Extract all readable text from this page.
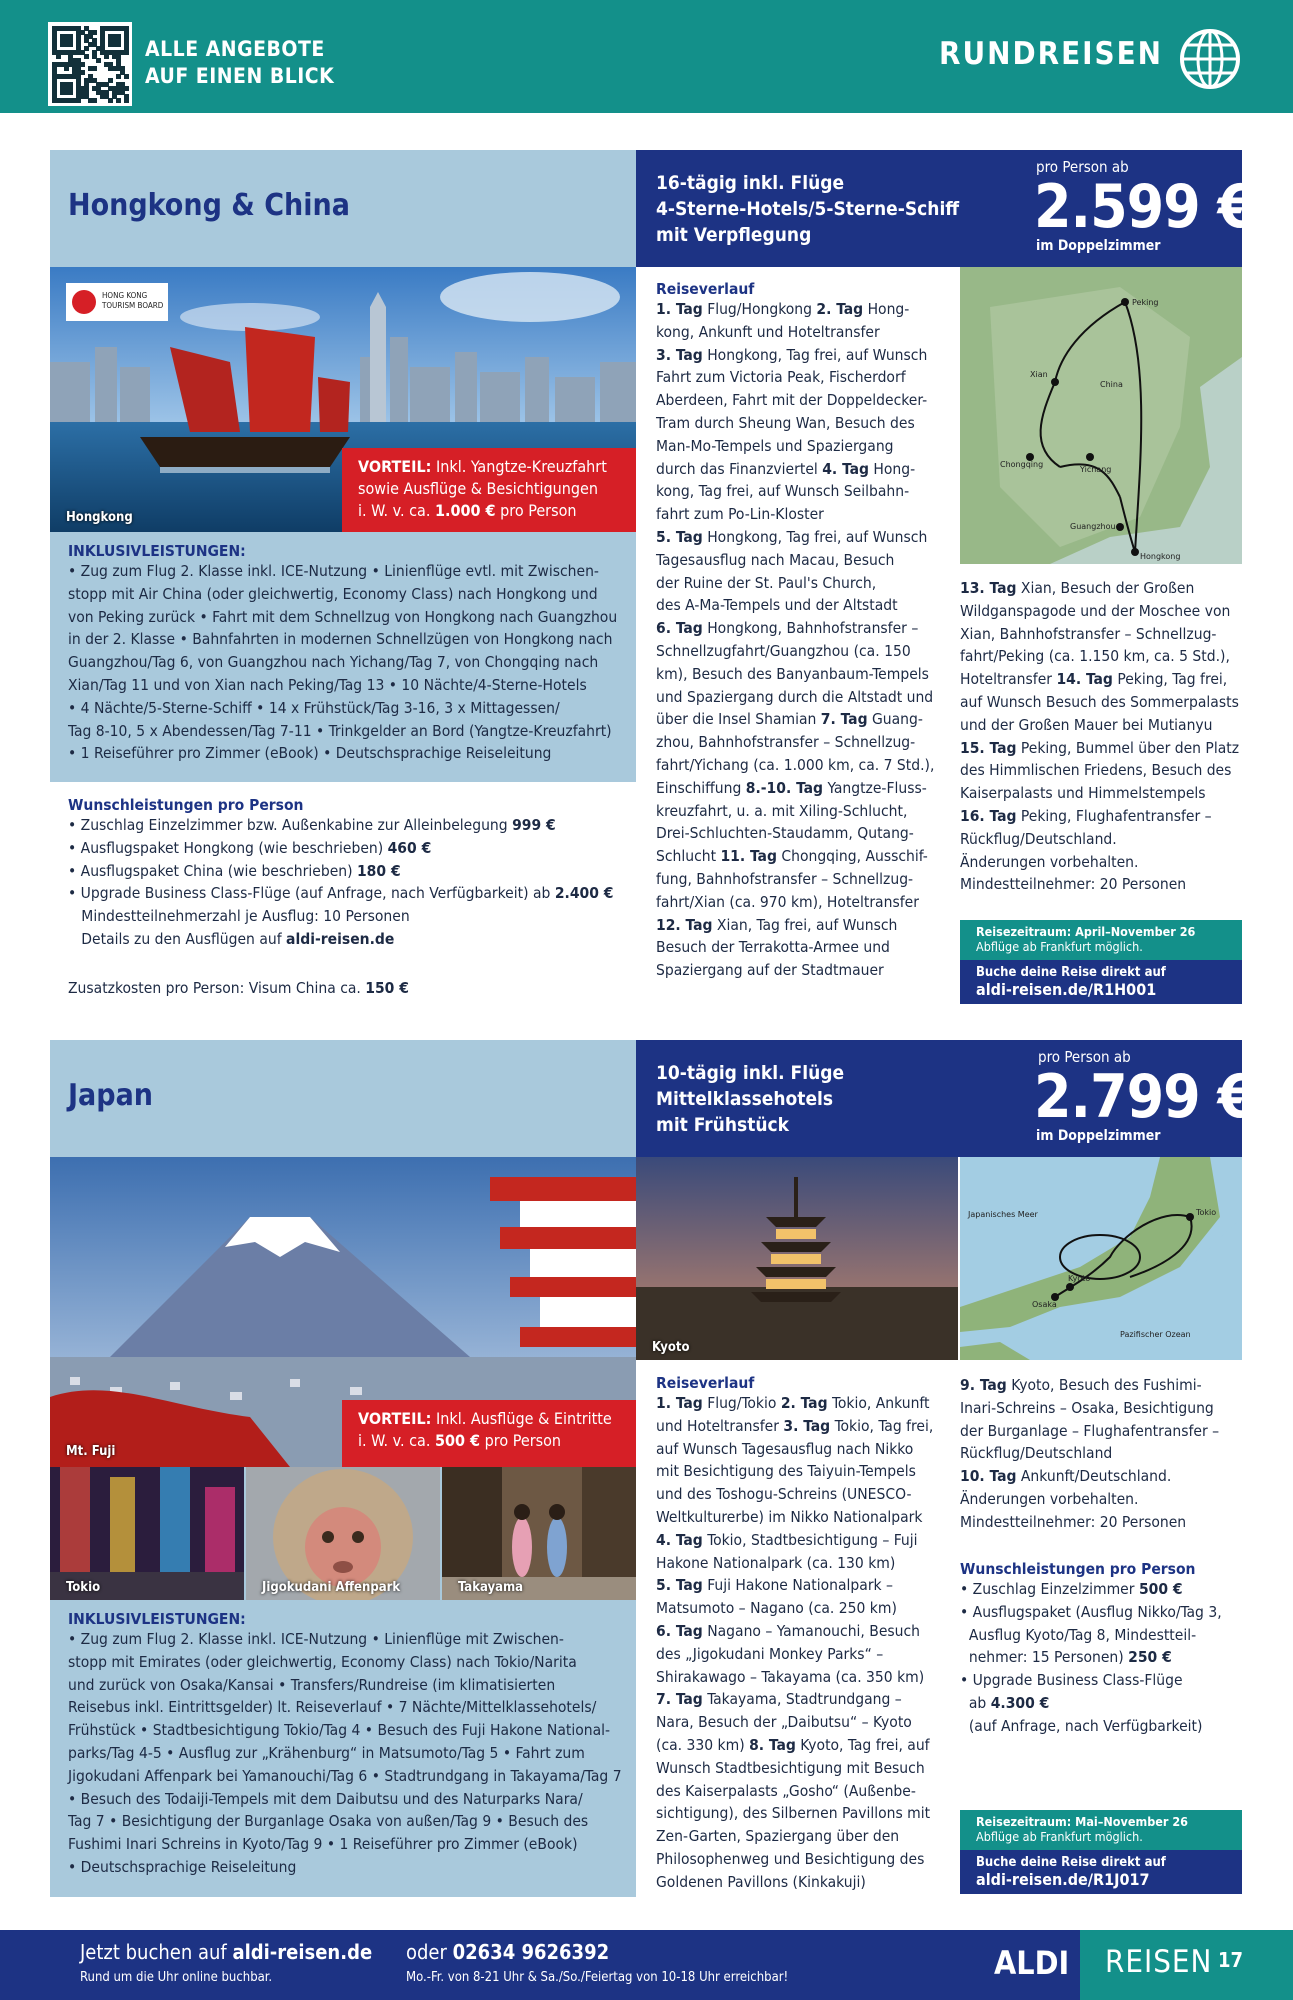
ALLE ANGEBOTE
AUF EINEN BLICK
RUNDREISEN
Hongkong & China
16-tägig inkl. Flüge
4-Sterne-Hotels/5-Sterne-Schiff
mit Verpflegung
pro Person ab
2.599 €
im Doppelzimmer
HONG KONG TOURISM BOARD
Hongkong
VORTEIL: Inkl. Yangtze-Kreuzfahrt
sowie Ausflüge & Besichtigungen
i. W. v. ca. 1.000 € pro Person
INKLUSIVLEISTUNGEN:
• Zug zum Flug 2. Klasse inkl. ICE-Nutzung • Linienflüge evtl. mit Zwischen-
stopp mit Air China (oder gleichwertig, Economy Class) nach Hongkong und
von Peking zurück • Fahrt mit dem Schnellzug von Hongkong nach Guangzhou
in der 2. Klasse • Bahnfahrten in modernen Schnellzügen von Hongkong nach
Guangzhou/Tag 6, von Guangzhou nach Yichang/Tag 7, von Chongqing nach
Xian/Tag 11 und von Xian nach Peking/Tag 13 • 10 Nächte/4-Sterne-Hotels
• 4 Nächte/5-Sterne-Schiff • 14 x Frühstück/Tag 3-16, 3 x Mittagessen/
Tag 8-10, 5 x Abendessen/Tag 7-11 • Trinkgelder an Bord (Yangtze-Kreuzfahrt)
• 1 Reiseführer pro Zimmer (eBook) • Deutschsprachige Reiseleitung
Wunschleistungen pro Person
• Zuschlag Einzelzimmer bzw. Außenkabine zur Alleinbelegung 999 €
• Ausflugspaket Hongkong (wie beschrieben) 460 €
• Ausflugspaket China (wie beschrieben) 180 €
• Upgrade Business Class-Flüge (auf Anfrage, nach Verfügbarkeit) ab 2.400 €
Mindestteilnehmerzahl je Ausflug: 10 Personen
Details zu den Ausflügen auf aldi-reisen.de
Zusatzkosten pro Person: Visum China ca. 150 €
Reiseverlauf
1. Tag Flug/Hongkong 2. Tag Hong-
kong, Ankunft und Hoteltransfer
3. Tag Hongkong, Tag frei, auf Wunsch
Fahrt zum Victoria Peak, Fischerdorf
Aberdeen, Fahrt mit der Doppeldecker-
Tram durch Sheung Wan, Besuch des
Man-Mo-Tempels und Spaziergang
durch das Finanzviertel 4. Tag Hong-
kong, Tag frei, auf Wunsch Seilbahn-
fahrt zum Po-Lin-Kloster
5. Tag Hongkong, Tag frei, auf Wunsch
Tagesausflug nach Macau, Besuch
der Ruine der St. Paul's Church,
des A-Ma-Tempels und der Altstadt
6. Tag Hongkong, Bahnhofstransfer –
Schnellzugfahrt/Guangzhou (ca. 150
km), Besuch des Banyanbaum-Tempels
und Spaziergang durch die Altstadt und
über die Insel Shamian 7. Tag Guang-
zhou, Bahnhofstransfer – Schnellzug-
fahrt/Yichang (ca. 1.000 km, ca. 7 Std.),
Einschiffung 8.-10. Tag Yangtze-Fluss-
kreuzfahrt, u. a. mit Xiling-Schlucht,
Drei-Schluchten-Staudamm, Qutang-
Schlucht 11. Tag Chongqing, Ausschif-
fung, Bahnhofstransfer – Schnellzug-
fahrt/Xian (ca. 970 km), Hoteltransfer
12. Tag Xian, Tag frei, auf Wunsch
Besuch der Terrakotta-Armee und
Spaziergang auf der Stadtmauer
Peking
Xian
China
Chongqing
Yichang
Guangzhou
Hongkong
13. Tag Xian, Besuch der Großen
Wildganspagode und der Moschee von
Xian, Bahnhofstransfer – Schnellzug-
fahrt/Peking (ca. 1.150 km, ca. 5 Std.),
Hoteltransfer 14. Tag Peking, Tag frei,
auf Wunsch Besuch des Sommerpalasts
und der Großen Mauer bei Mutianyu
15. Tag Peking, Bummel über den Platz
des Himmlischen Friedens, Besuch des
Kaiserpalasts und Himmelstempels
16. Tag Peking, Flughafentransfer –
Rückflug/Deutschland.
Änderungen vorbehalten.
Mindestteilnehmer: 20 Personen
Reisezeitraum: April–November 26
Abflüge ab Frankfurt möglich.
Buche deine Reise direkt auf
aldi-reisen.de/R1H001
Japan
10-tägig inkl. Flüge
Mittelklassehotels
mit Frühstück
pro Person ab
2.799 €
im Doppelzimmer
Mt. Fuji
VORTEIL: Inkl. Ausflüge & Eintritte
i. W. v. ca. 500 € pro Person
Tokio	Jigokudani Affenpark	Takayama
Kyoto
Japanisches Meer
Pazifischer Ozean
Tokio
Kyoto
Osaka
INKLUSIVLEISTUNGEN:
• Zug zum Flug 2. Klasse inkl. ICE-Nutzung • Linienflüge mit Zwischen-
stopp mit Emirates (oder gleichwertig, Economy Class) nach Tokio/Narita
und zurück von Osaka/Kansai • Transfers/Rundreise (im klimatisierten
Reisebus inkl. Eintrittsgelder) lt. Reiseverlauf • 7 Nächte/Mittelklassehotels/
Frühstück • Stadtbesichtigung Tokio/Tag 4 • Besuch des Fuji Hakone National-
parks/Tag 4-5 • Ausflug zur „Krähenburg“ in Matsumoto/Tag 5 • Fahrt zum
Jigokudani Affenpark bei Yamanouchi/Tag 6 • Stadtrundgang in Takayama/Tag 7
• Besuch des Todaiji-Tempels mit dem Daibutsu und des Naturparks Nara/
Tag 7 • Besichtigung der Burganlage Osaka von außen/Tag 9 • Besuch des
Fushimi Inari Schreins in Kyoto/Tag 9 • 1 Reiseführer pro Zimmer (eBook)
• Deutschsprachige Reiseleitung
Reiseverlauf
1. Tag Flug/Tokio 2. Tag Tokio, Ankunft
und Hoteltransfer 3. Tag Tokio, Tag frei,
auf Wunsch Tagesausflug nach Nikko
mit Besichtigung des Taiyuin-Tempels
und des Toshogu-Schreins (UNESCO-
Weltkulturerbe) im Nikko Nationalpark
4. Tag Tokio, Stadtbesichtigung – Fuji
Hakone Nationalpark (ca. 130 km)
5. Tag Fuji Hakone Nationalpark –
Matsumoto – Nagano (ca. 250 km)
6. Tag Nagano – Yamanouchi, Besuch
des „Jigokudani Monkey Parks“ –
Shirakawago – Takayama (ca. 350 km)
7. Tag Takayama, Stadtrundgang –
Nara, Besuch der „Daibutsu“ – Kyoto
(ca. 330 km) 8. Tag Kyoto, Tag frei, auf
Wunsch Stadtbesichtigung mit Besuch
des Kaiserpalasts „Gosho“ (Außenbe-
sichtigung), des Silbernen Pavillons mit
Zen-Garten, Spaziergang über den
Philosophenweg und Besichtigung des
Goldenen Pavillons (Kinkakuji)
9. Tag Kyoto, Besuch des Fushimi-
Inari-Schreins – Osaka, Besichtigung
der Burganlage – Flughafentransfer –
Rückflug/Deutschland
10. Tag Ankunft/Deutschland.
Änderungen vorbehalten.
Mindestteilnehmer: 20 Personen
Wunschleistungen pro Person
• Zuschlag Einzelzimmer 500 €
• Ausflugspaket (Ausflug Nikko/Tag 3,
Ausflug Kyoto/Tag 8, Mindestteil-
nehmer: 15 Personen) 250 €
• Upgrade Business Class-Flüge
ab 4.300 €
(auf Anfrage, nach Verfügbarkeit)
Reisezeitraum: Mai–November 26
Abflüge ab Frankfurt möglich.
Buche deine Reise direkt auf
aldi-reisen.de/R1J017
Jetzt buchen auf aldi-reisen.de
Rund um die Uhr online buchbar.
oder 02634 9626392
Mo.-Fr. von 8-21 Uhr & Sa./So./Feiertag von 10-18 Uhr erreichbar!	ALDI REISEN 17
